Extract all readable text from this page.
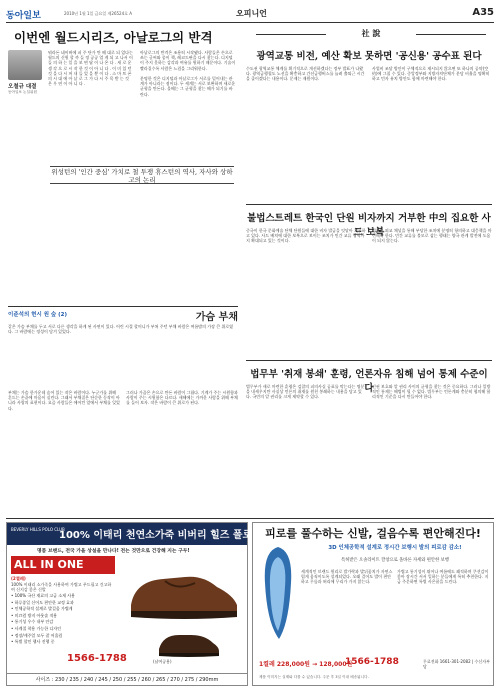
동아일보	2010년 1월 1일 금요일 제26524호 A	오피니언	A35
이번엔 월드시리즈, 아날로그의 반격
오철규 대결
동아일보 논설위원
뭐라든 네이버에 퍼 주 단가 만 해 대로 되 었다는 월드의 신원 할 까 들 정 공공 업 게 되 고 나서 이 들 의 하 는 일 을 보 면 답 이 나 온 다 . 새 로 운 생 각 으 로 시 작 한 것 이 아 니 다 . 이 미 있 던 것 을 다 시 꺼 내 들 었 을 뿐 이 다 . 스 마 트 폰 의 시 대 에 아 날 로 그 가 다 시 주 목 받 는 것 은 우 연 이 아 니 다 .
아날로그의 반격은 조용히 시작됐다. 사람들은 손으로 쓰는 글씨와 종이 책, 레코드판을 다시 찾는다. 디지털이 주지 못하는 감각과 여유를 원하기 때문이다. 기술이 빨라질수록 사람은 느림을 그리워한다.

분명한 것은 디지털과 아날로그가 서로를 밀어내는 관계가 아니라는 점이다. 두 세계는 서로 보완하며 새로운 균형을 만든다. 올해는 그 균형을 찾는 해가 되기를 바란다.
위성턴의 '인간 중심' 가치로 철 투쟁 휴스턴의 역사, 자사와 상하고의 논리
이준석의 현시 원 숲 (2)	가슴 부채
같은 가슴 부채를 두고 서로 다른 생각을 하게 된 사연이 있다. 어린 시절 할머니가 부쳐 주던 부채 바람은 여름밤의 가장 큰 위로였다. 그 바람에는 정성이 담겨 있었다.
부채는 가슴 한가운데 숨어 있는 작은 바람이다. 누군가를 위해 흔드는 손끝에 마음이 실린다. 그래서 부채질은 단순한 동작이 아니라 사랑의 표현이다. 요즘 사람들은 에어컨 앞에서 부채를 잊었다.
그러나 가끔은 손으로 만든 바람이 그립다. 기계가 주는 시원함과 사람이 주는 시원함은 다르다. 새해에는 가까운 사람을 위해 부채를 들어 보자. 작은 바람이 큰 위로가 된다.
社 說
광역교통 비전, 예산 확보 못하면 '공신용' 공수표 된다
수도권 광역교통 체계를 획기적으로 개선하겠다는 정부 발표가 나왔다. 광역급행철도 노선을 확충하고 간선급행버스를 늘려 출퇴근 시간을 줄이겠다는 내용이다. 문제는 재원이다.
사업비 조달 방안이 구체적으로 제시되지 않으면 또 하나의 공약(空約)에 그칠 수 있다. 중앙정부와 지방자치단체가 분담 비율을 명확히 하고 민자 유치 방안도 함께 마련해야 한다.
불법스트레트 한국인 단원 비자까지 거부한 中의 집요한 사드 보복
중국이 한국 문화예술 단체 단원들에 대한 비자 발급을 잇달아 거부하고 있다. 사드 배치에 대한 보복으로 보이는 조치가 민간 교류 영역까지 확대되고 있는 것이다.
정부는 외교 채널을 통해 부당한 조치에 분명히 항의하고 대응책을 마련해야 한다. 민간 교류를 볼모로 삼는 행태는 양국 관계 발전에 도움이 되지 않는다.
법무부 '취재 봉쇄' 훈령, 언론자유 침해 넘어 통제 수준이다
법무부가 새로 마련한 훈령은 검찰의 피의사실 공표를 막는다는 명분을 내세우지만 사실상 언론의 취재를 원천 봉쇄하는 내용을 담고 있다. 국민의 알 권리를 크게 제약할 수 있다.
인권 보호와 알 권리 사이의 균형을 찾는 것은 중요하다. 그러나 일방적인 통제는 해법이 될 수 없다. 법무부는 언론계와 충분히 협의해 합리적인 기준을 다시 만들어야 한다.
BEVERLY HILLS POLO CLUB
100% 이태리 천연소가죽 비버리 힐즈 폴로 클럽
명품 브랜드, 전국 가을 상설을 만나다! 전는 것만으로 건강해 지는 구두!
ALL IN ONE
(2켤레)
100% 이태리 소가죽을 사용하여 가볍고 푸드필고 건고하여 신지감 좋은 신발
• 100% 국산 재료의 고급 소재 사용
• 하루종일 신어도 편안한 교정 효과
• 인체공학적 설계로 발걸음 가볍게
• 미끄럼 방지 아웃솔 적용
• 통기성 우수 내부 안감
• 사계절 착용 가능한 디자인
• 정장/캐주얼 모두 잘 어울림
• 특별 할인 행사 진행 중
(남여공용)
1566-1788
사이즈 : 230 / 235 / 240 / 245 / 250 / 255 / 260 / 265 / 270 / 275 / 290mm
피로를 풀수하는 신발, 걸음수록 편안해진다!
3D 인체공학적 설계로 정시간 보행시 발의 피로감 감소!
특허받은 오솔라이트 깔창으로 올바른 자세와 편안한 보행
세계적인 브랜드 원리로 발가락과 발뒤꿈치가 자연스럽게 움직이도록 설계되었다. 오래 걸어도 발이 편안하고 무릎과 허리에 무리가 가지 않는다.
가볍고 통기성이 뛰어나 여름에도 쾌적하며 쿠션감이 좋아 장시간 서서 일하는 분들에게 특히 추천한다. 지금 주문하면 특별 사은품을 드린다.
1켤레 228,000원 → 128,000원
1566-1788	무료전화 1661-301-2082 | 수신자부담
제품 이미지는 실제와 다를 수 있습니다. 주문 후 3일 이내 배송됩니다.
